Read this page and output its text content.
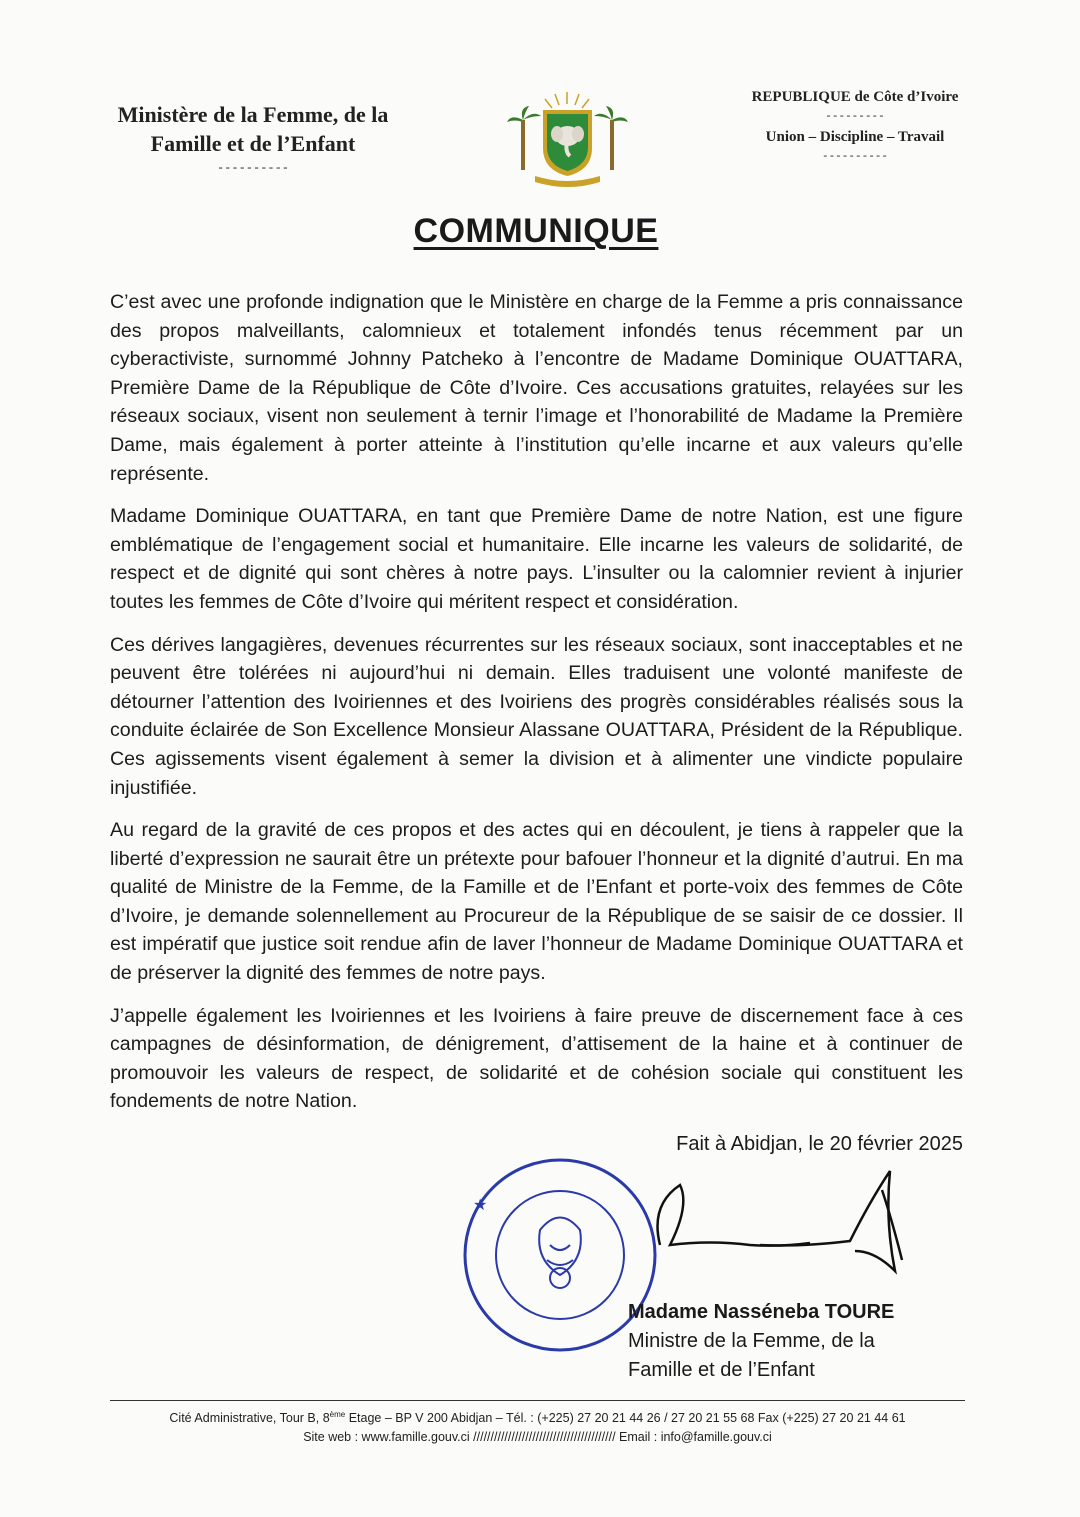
Ministère de la Femme, de la
Famille et de l’Enfant
----------
REPUBLIQUE de Côte d’Ivoire
---------
Union – Discipline – Travail
----------
COMMUNIQUE

C’est avec une profonde indignation que le Ministère en charge de la Femme a pris connaissance des propos malveillants, calomnieux et totalement infondés tenus récemment par un cyberactiviste, surnommé Johnny Patcheko à l’encontre de Madame Dominique OUATTARA, Première Dame de la République de Côte d’Ivoire. Ces accusations gratuites, relayées sur les réseaux sociaux, visent non seulement à ternir l’image et l’honorabilité de Madame la Première Dame, mais également à porter atteinte à l’institution qu’elle incarne et aux valeurs qu’elle représente.

Madame Dominique OUATTARA, en tant que Première Dame de notre Nation, est une figure emblématique de l’engagement social et humanitaire. Elle incarne les valeurs de solidarité, de respect et de dignité qui sont chères à notre pays. L’insulter ou la calomnier revient à injurier toutes les femmes de Côte d’Ivoire qui méritent respect et considération.

Ces dérives langagières, devenues récurrentes sur les réseaux sociaux, sont inacceptables et ne peuvent être tolérées ni aujourd’hui ni demain. Elles traduisent une volonté manifeste de détourner l’attention des Ivoiriennes et des Ivoiriens des progrès considérables réalisés sous la conduite éclairée de Son Excellence Monsieur Alassane OUATTARA, Président de la République. Ces agissements visent également à semer la division et à alimenter une vindicte populaire injustifiée.

Au regard de la gravité de ces propos et des actes qui en découlent, je tiens à rappeler que la liberté d’expression ne saurait être un prétexte pour bafouer l’honneur et la dignité d’autrui. En ma qualité de Ministre de la Femme, de la Famille et de l’Enfant et porte-voix des femmes de Côte d’Ivoire, je demande solennellement au Procureur de la République de se saisir de ce dossier. Il est impératif que justice soit rendue afin de laver l’honneur de Madame Dominique OUATTARA et de préserver la dignité des femmes de notre pays.

J’appelle également les Ivoiriennes et les Ivoiriens à faire preuve de discernement face à ces campagnes de désinformation, de dénigrement, d’attisement de la haine et à continuer de promouvoir les valeurs de respect, de solidarité et de cohésion sociale qui constituent les fondements de notre Nation.

Fait à Abidjan, le 20 février 2025
★
Madame Nasséneba TOURE
Ministre de la Femme, de la
Famille et de l’Enfant
Cité Administrative, Tour B, 8ème Etage – BP V 200 Abidjan – Tél. : (+225) 27 20 21 44 26 / 27 20 21 55 68 Fax (+225) 27 20 21 44 61
Site web : www.famille.gouv.ci ///////////////////////////////////////// Email : info@famille.gouv.ci
